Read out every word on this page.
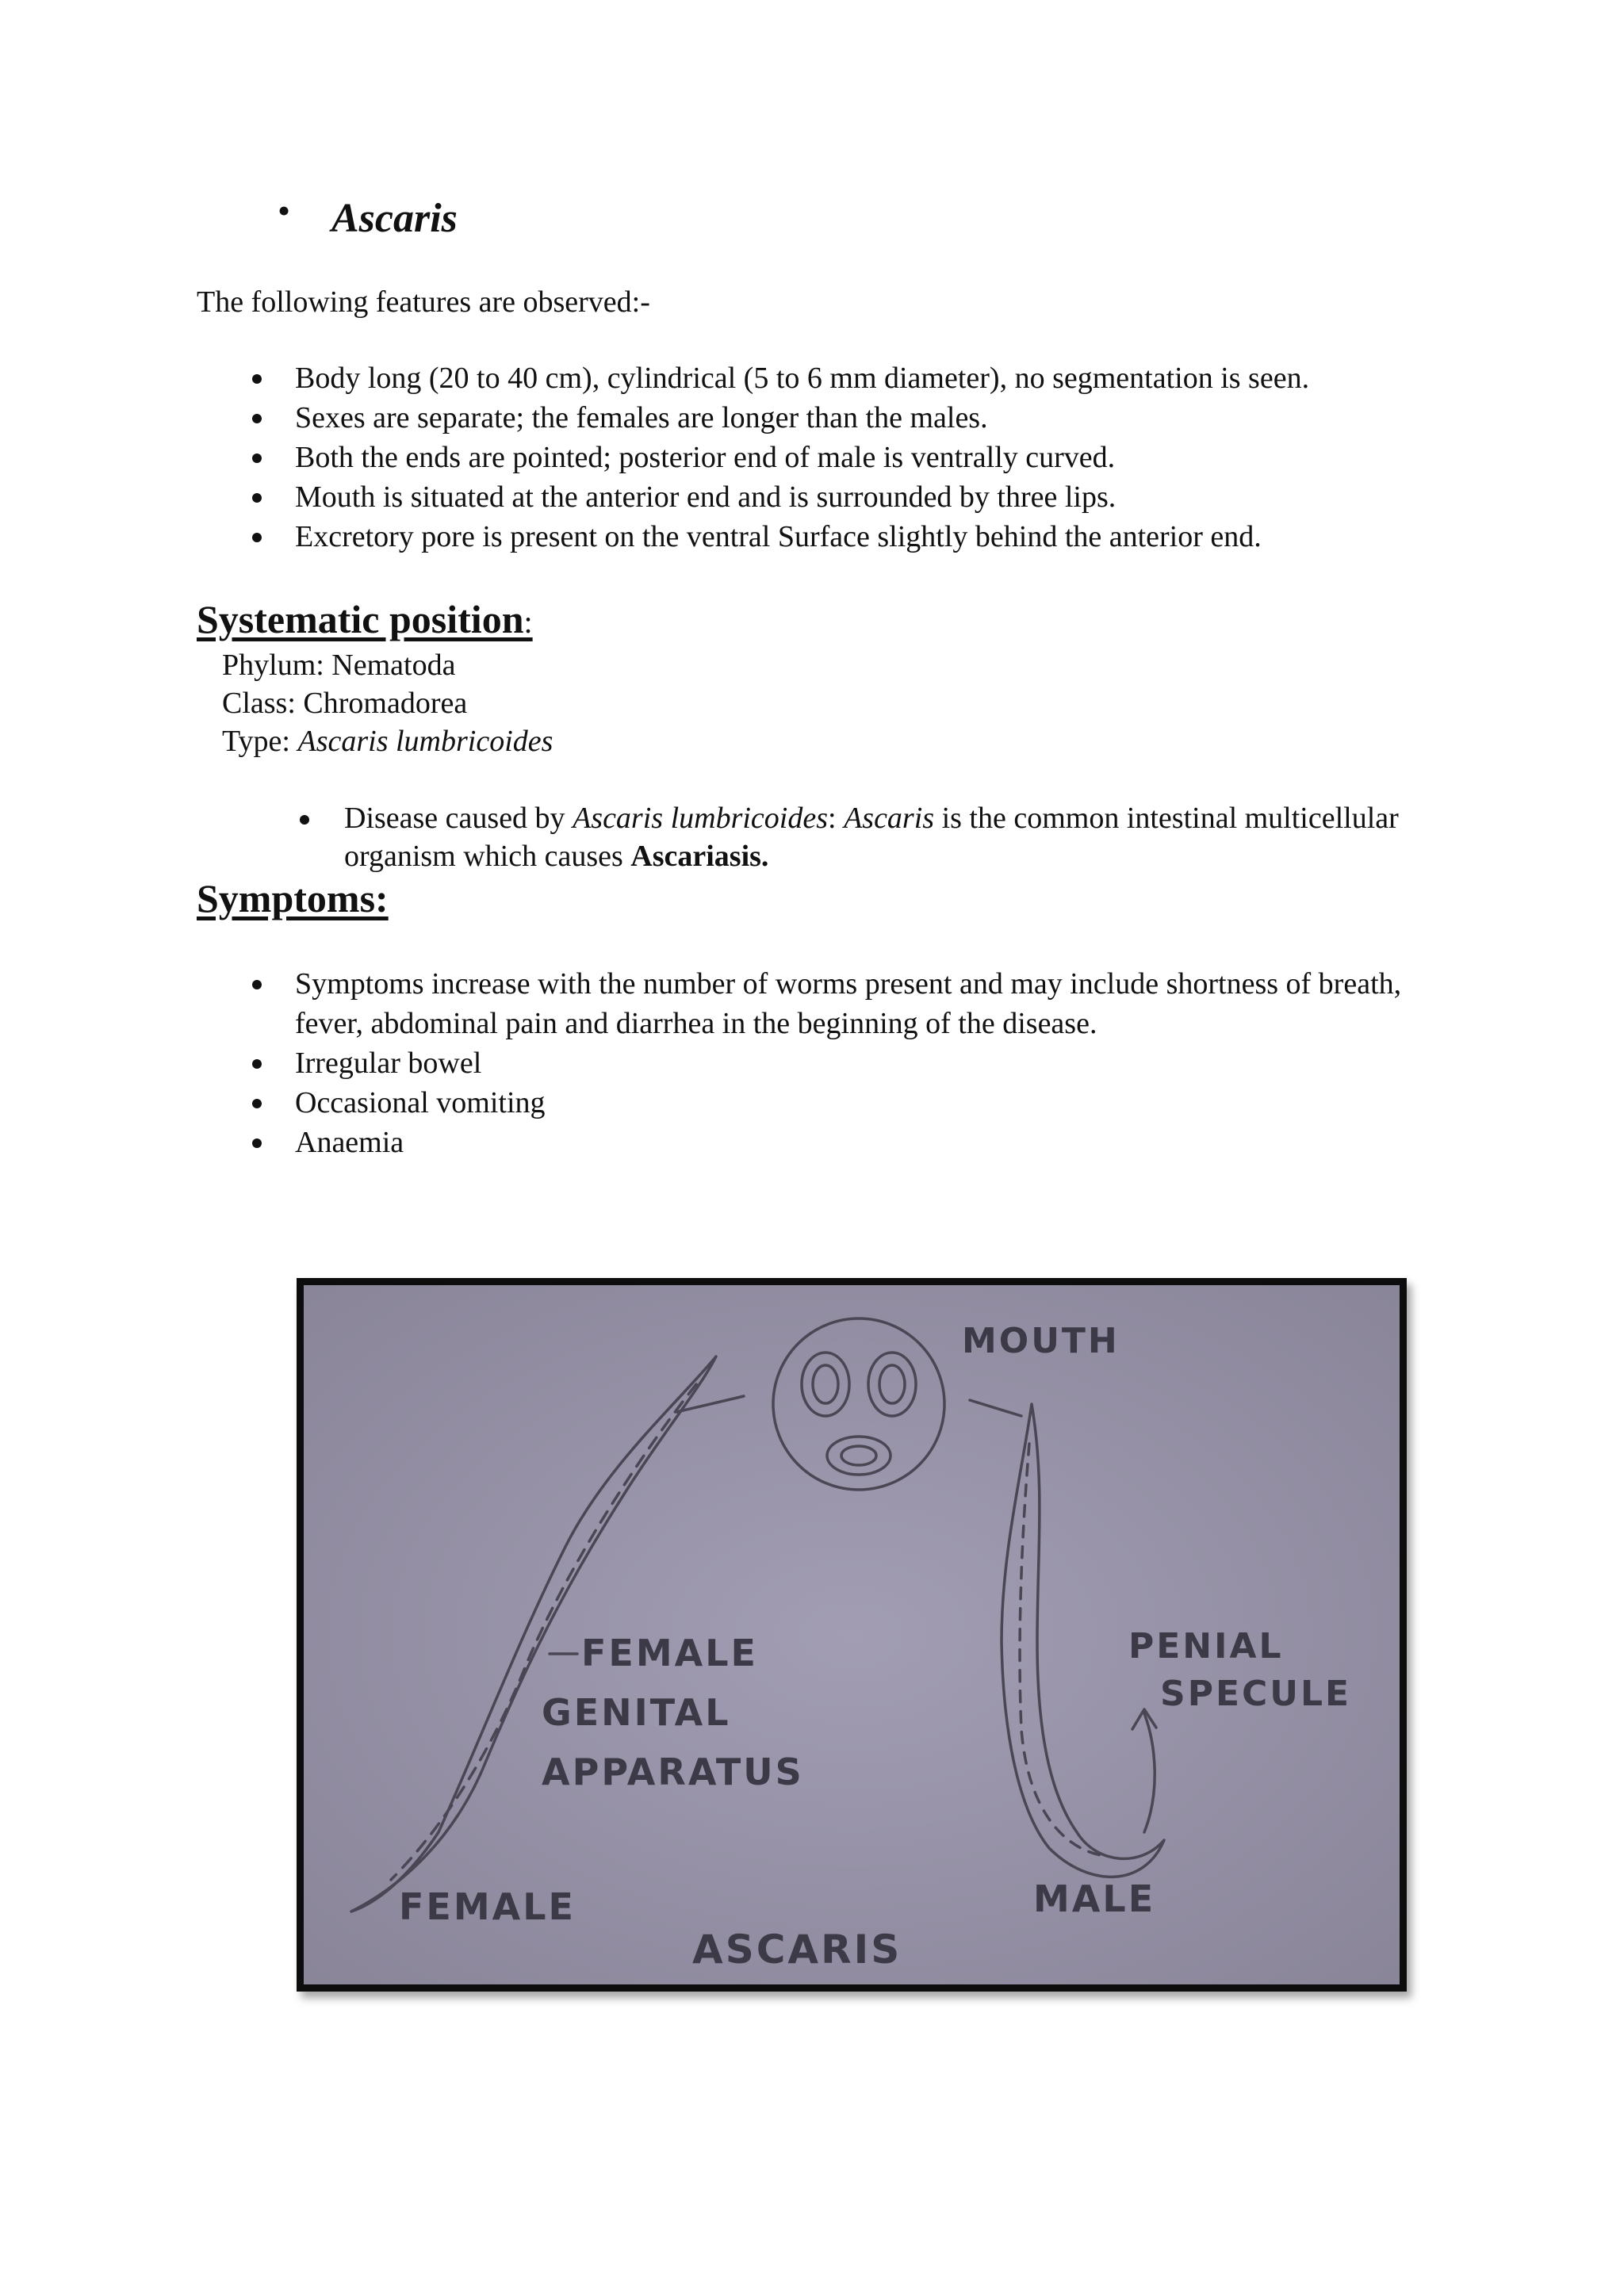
• Ascaris
The following features are observed:-
Body long (20 to 40 cm), cylindrical (5 to 6 mm diameter), no segmentation is seen.
Sexes are separate; the females are longer than the males.
Both the ends are pointed; posterior end of male is ventrally curved.
Mouth is situated at the anterior end and is surrounded by three lips.
Excretory pore is present on the ventral Surface slightly behind the anterior end.
Systematic position:
Phylum: Nematoda
Class: Chromadorea
Type: Ascaris lumbricoides
Disease caused by Ascaris lumbricoides: Ascaris is the common intestinal multicellular organism which causes Ascariasis.
Symptoms:
Symptoms increase with the number of worms present and may include shortness of breath, fever, abdominal pain and diarrhea in the beginning of the disease.
Irregular bowel
Occasional vomiting
Anaemia
MOUTH
PENIAL
SPECULE
FEMALE
GENITAL
APPARATUS
FEMALE	MALE
ASCARIS
